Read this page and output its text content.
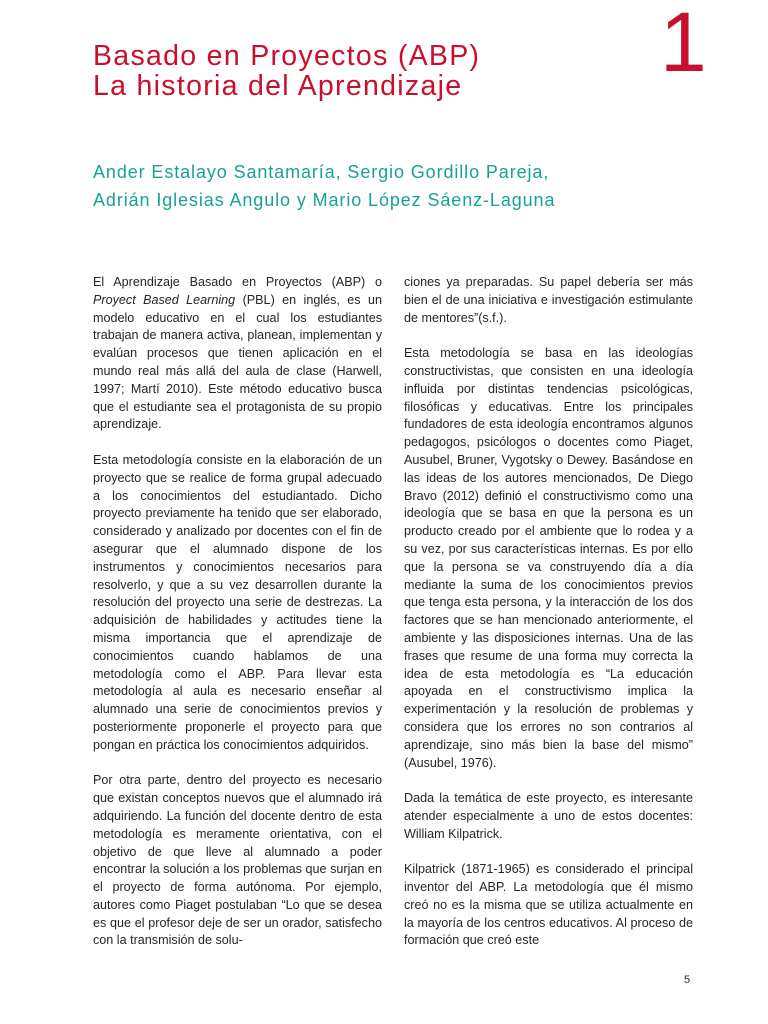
1
Basado en Proyectos (ABP)
La historia del Aprendizaje
Ander Estalayo Santamaría, Sergio Gordillo Pareja,
Adrián Iglesias Angulo y Mario López Sáenz-Laguna

El Aprendizaje Basado en Proyectos (ABP) o Proyect Based Learning (PBL) en inglés, es un modelo educativo en el cual los estudiantes trabajan de manera activa, planean, implementan y evalúan procesos que tienen aplicación en el mundo real más allá del aula de clase (Harwell, 1997; Martí 2010). Este método educativo busca que el estudiante sea el protagonista de su propio aprendizaje.

Esta metodología consiste en la elaboración de un proyecto que se realice de forma grupal adecuado a los conocimientos del estudiantado. Dicho proyecto previamente ha tenido que ser elaborado, considerado y analizado por docentes con el fin de asegurar que el alumnado dispone de los instrumentos y conocimientos necesarios para resolverlo, y que a su vez desarrollen durante la resolución del proyecto una serie de destrezas. La adquisición de habilidades y actitudes tiene la misma importancia que el aprendizaje de conocimientos cuando hablamos de una metodología como el ABP. Para llevar esta metodología al aula es necesario enseñar al alumnado una serie de conocimientos previos y posteriormente proponerle el proyecto para que pongan en práctica los conocimientos adquiridos.

Por otra parte, dentro del proyecto es necesario que existan conceptos nuevos que el alumnado irá adquiriendo. La función del docente dentro de esta metodología es meramente orientativa, con el objetivo de que lleve al alumnado a poder encontrar la solución a los problemas que surjan en el proyecto de forma autónoma. Por ejemplo, autores como Piaget postulaban “Lo que se desea es que el profesor deje de ser un orador, satisfecho con la transmisión de solu-

ciones ya preparadas. Su papel debería ser más bien el de una iniciativa e investigación estimulante de mentores”(s.f.).

Esta metodología se basa en las ideologías constructivistas, que consisten en una ideología influida por distintas tendencias psicológicas, filosóficas y educativas. Entre los principales fundadores de esta ideología encontramos algunos pedagogos, psicólogos o docentes como Piaget, Ausubel, Bruner, Vygotsky o Dewey. Basándose en las ideas de los autores mencionados, De Diego Bravo (2012) definió el constructivismo como una ideología que se basa en que la persona es un producto creado por el ambiente que lo rodea y a su vez, por sus características internas. Es por ello que la persona se va construyendo día a día mediante la suma de los conocimientos previos que tenga esta persona, y la interacción de los dos factores que se han mencionado anteriormente, el ambiente y las disposiciones internas. Una de las frases que resume de una forma muy correcta la idea de esta metodología es “La educación apoyada en el constructivismo implica la experimentación y la resolución de problemas y considera que los errores no son contrarios al aprendizaje, sino más bien la base del mismo” (Ausubel, 1976).

Dada la temática de este proyecto, es interesante atender especialmente a uno de estos docentes: William Kilpatrick.

Kilpatrick (1871-1965) es considerado el principal inventor del ABP. La metodología que él mismo creó no es la misma que se utiliza actualmente en la mayoría de los centros educativos. Al proceso de formación que creó este

5
